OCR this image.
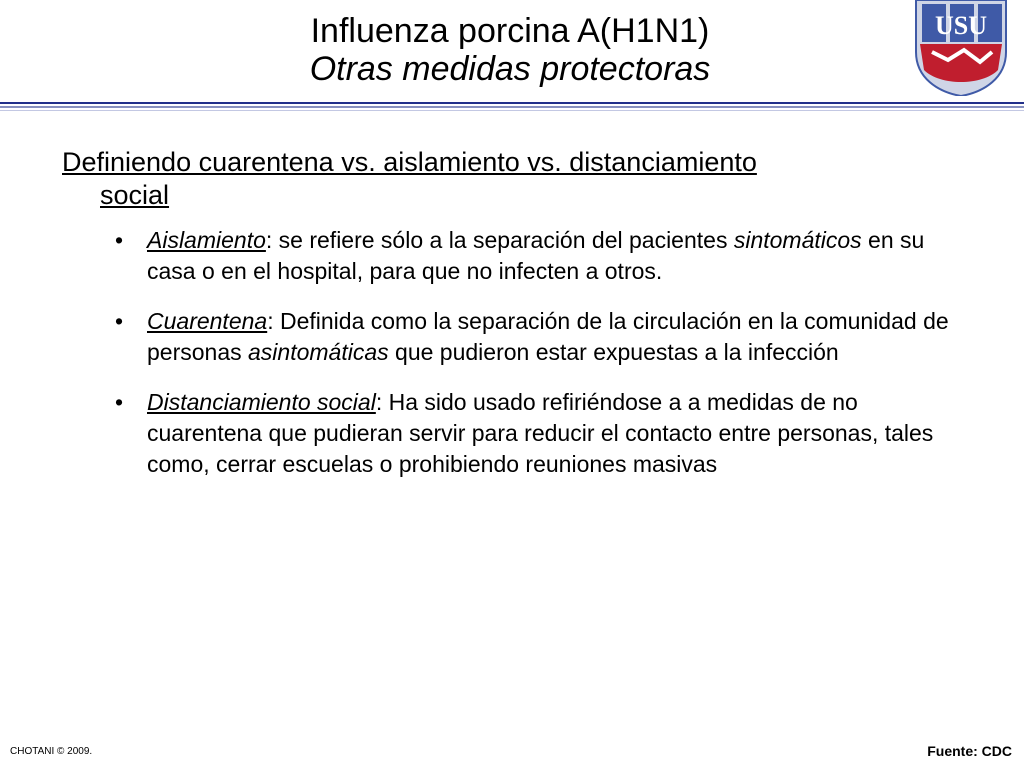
Influenza porcina A(H1N1)
Otras medidas protectoras
USU
Definiendo cuarentena vs. aislamiento vs. distanciamiento
social
• Aislamiento: se refiere sólo a la separación del pacientes sintomáticos en su casa o en el hospital, para que no infecten a otros.
• Cuarentena: Definida como la separación de la circulación en la comunidad de personas asintomáticas que pudieron estar expuestas a la infección
• Distanciamiento social: Ha sido usado refiriéndose a a medidas de no cuarentena que pudieran servir para reducir el contacto entre personas, tales como, cerrar escuelas o prohibiendo reuniones masivas
CHOTANI © 2009.	Fuente: CDC
